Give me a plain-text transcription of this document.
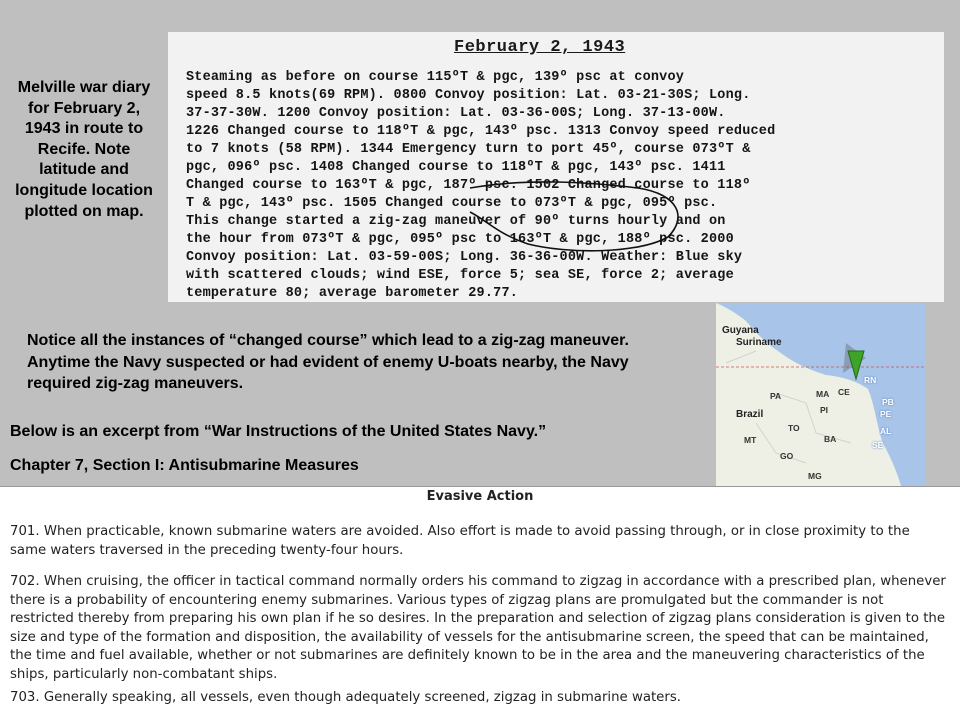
Melville war diary for February 2, 1943 in route to Recife. Note latitude and longitude location plotted on map.
February 2, 1943
Steaming as before on course 115ºT & pgc, 139º psc at convoy
speed 8.5 knots(69 RPM). 0800 Convoy position: Lat. 03-21-30S; Long.
37-37-30W. 1200 Convoy position: Lat. 03-36-00S; Long. 37-13-00W.
1226 Changed course to 118ºT & pgc, 143º psc. 1313 Convoy speed reduced
to 7 knots (58 RPM). 1344 Emergency turn to port 45º, course 073ºT &
pgc, 096º psc. 1408 Changed course to 118ºT & pgc, 143º psc. 1411
Changed course to 163ºT & pgc, 187º psc. 1502 Changed course to 118º
T & pgc, 143º psc. 1505 Changed course to 073ºT & pgc, 095º psc.
This change started a zig-zag maneuver of 90º turns hourly and on
the hour from 073ºT & pgc, 095º psc to 163ºT & pgc, 188º psc. 2000
Convoy position: Lat. 03-59-00S; Long. 36-36-00W. Weather: Blue sky
with scattered clouds; wind ESE, force 5; sea SE, force 2; average
temperature 80; average barometer 29.77.
Notice all the instances of “changed course” which lead to a zig-zag maneuver. Anytime the Navy suspected or had evident of enemy U-boats nearby, the Navy required zig-zag maneuvers.
Below is an excerpt from “War Instructions of the United States Navy.”
Chapter 7, Section I: Antisubmarine Measures
Guyana
Suriname
Brazil
PA	MA CE
RN
PI
PB
PE
AL
TO
BA
SE
MT
GO
MG
Evasive Action
701. When practicable, known submarine waters are avoided. Also effort is made to avoid passing through, or in close proximity to the same waters traversed in the preceding twenty-four hours.
702. When cruising, the officer in tactical command normally orders his command to zigzag in accordance with a prescribed plan, whenever there is a probability of encountering enemy submarines. Various types of zigzag plans are promulgated but the commander is not restricted thereby from preparing his own plan if he so desires. In the preparation and selection of zigzag plans consideration is given to the size and type of the formation and disposition, the availability of vessels for the antisubmarine screen, the speed that can be maintained, the time and fuel available, whether or not submarines are definitely known to be in the area and the maneuvering characteristics of the ships, particularly non-combatant ships.
703. Generally speaking, all vessels, even though adequately screened, zigzag in submarine waters.
